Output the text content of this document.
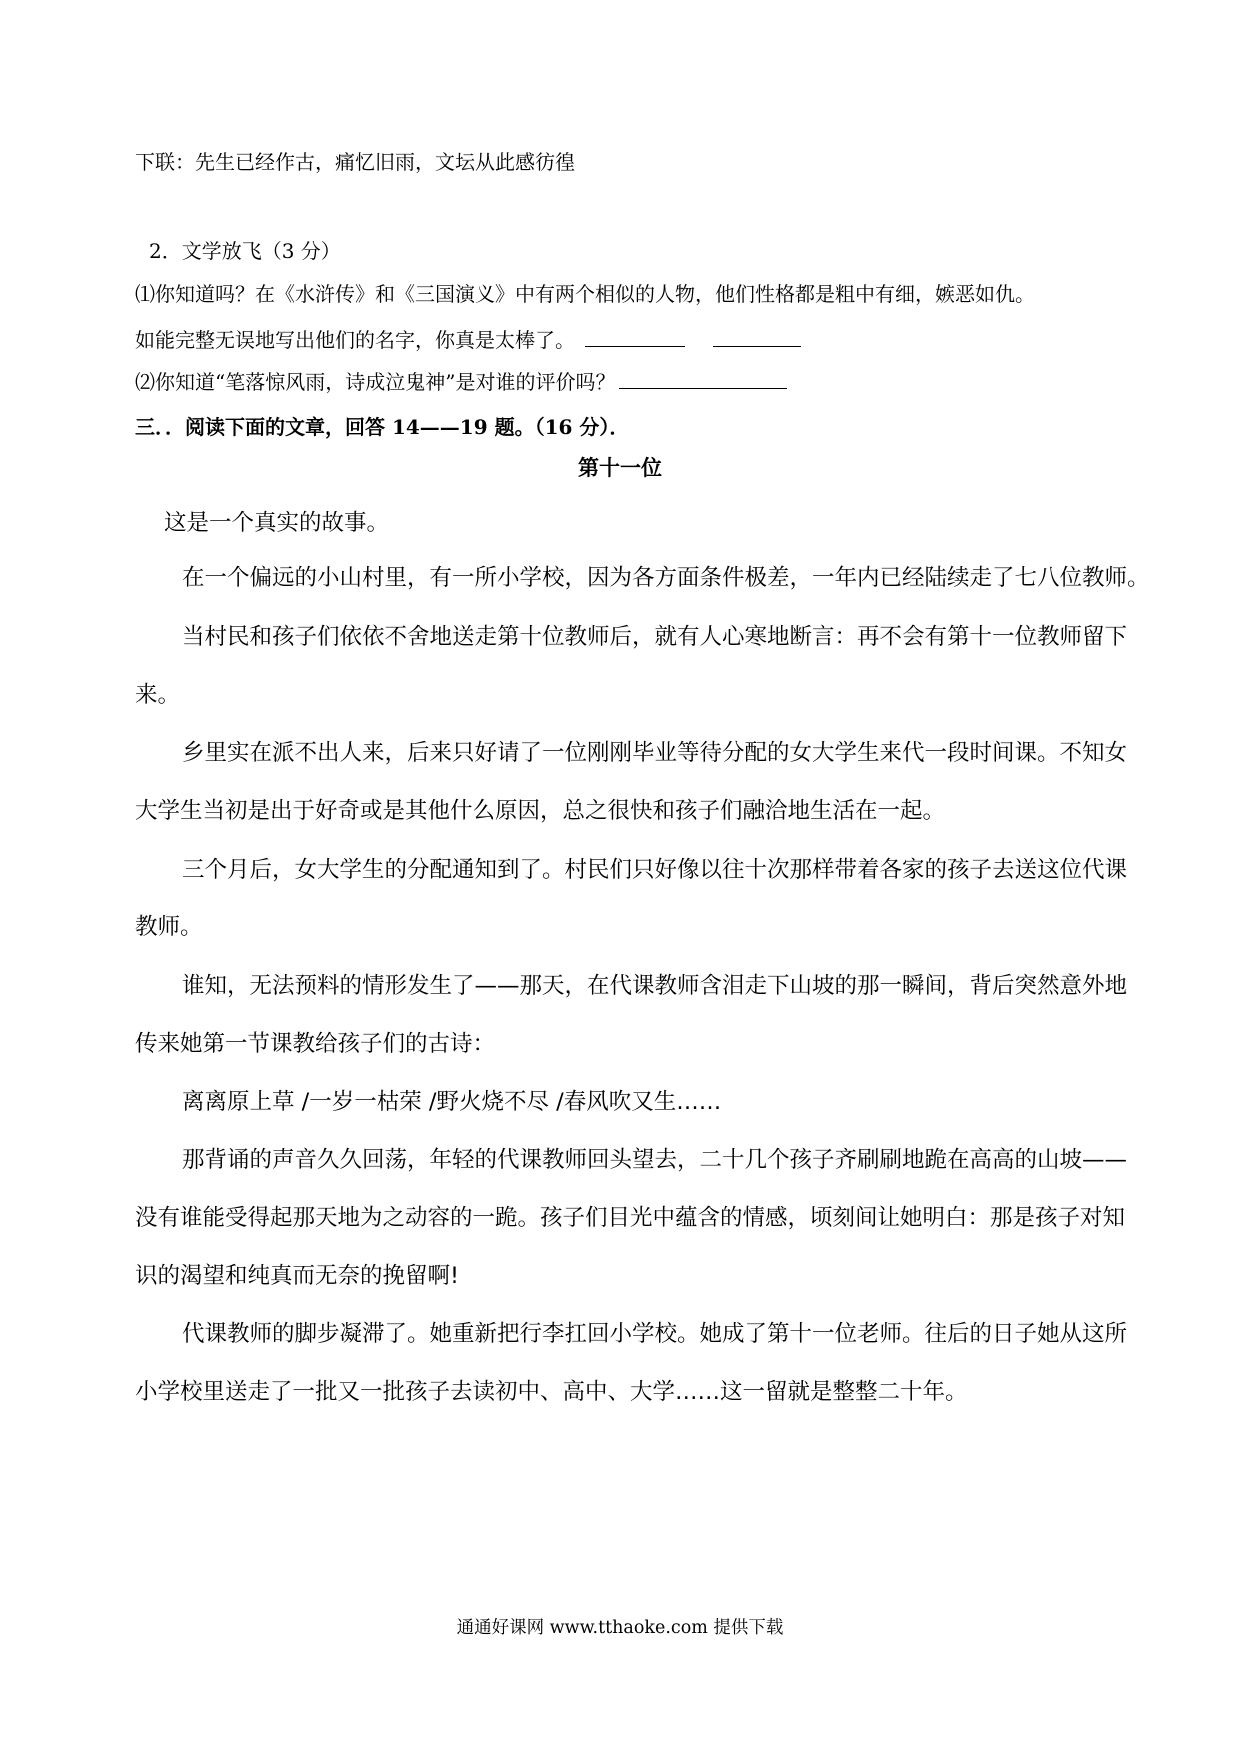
下联：先生已经作古，痛忆旧雨，文坛从此感彷徨
2．文学放飞（3 分）
⑴你知道吗？在《水浒传》和《三国演义》中有两个相似的人物，他们性格都是粗中有细，嫉恶如仇。
如能完整无误地写出他们的名字，你真是太棒了。
⑵你知道“笔落惊风雨，诗成泣鬼神”是对谁的评价吗？
三．．阅读下面的文章，回答 14——19 题。（16 分）．
第十一位
这是一个真实的故事。
在一个偏远的小山村里，有一所小学校，因为各方面条件极差，一年内已经陆续走了七八位教师。
当村民和孩子们依依不舍地送走第十位教师后，就有人心寒地断言：再不会有第十一位教师留下
来。
乡里实在派不出人来，后来只好请了一位刚刚毕业等待分配的女大学生来代一段时间课。不知女
大学生当初是出于好奇或是其他什么原因，总之很快和孩子们融洽地生活在一起。
三个月后，女大学生的分配通知到了。村民们只好像以往十次那样带着各家的孩子去送这位代课
教师。
谁知，无法预料的情形发生了——那天，在代课教师含泪走下山坡的那一瞬间，背后突然意外地
传来她第一节课教给孩子们的古诗：
离离原上草 /一岁一枯荣 /野火烧不尽 /春风吹又生……
那背诵的声音久久回荡，年轻的代课教师回头望去，二十几个孩子齐刷刷地跪在高高的山坡——
没有谁能受得起那天地为之动容的一跪。孩子们目光中蕴含的情感，顷刻间让她明白：那是孩子对知
识的渴望和纯真而无奈的挽留啊!
代课教师的脚步凝滞了。她重新把行李扛回小学校。她成了第十一位老师。往后的日子她从这所
小学校里送走了一批又一批孩子去读初中、高中、大学……这一留就是整整二十年。
通通好课网 www.tthaoke.com 提供下载
